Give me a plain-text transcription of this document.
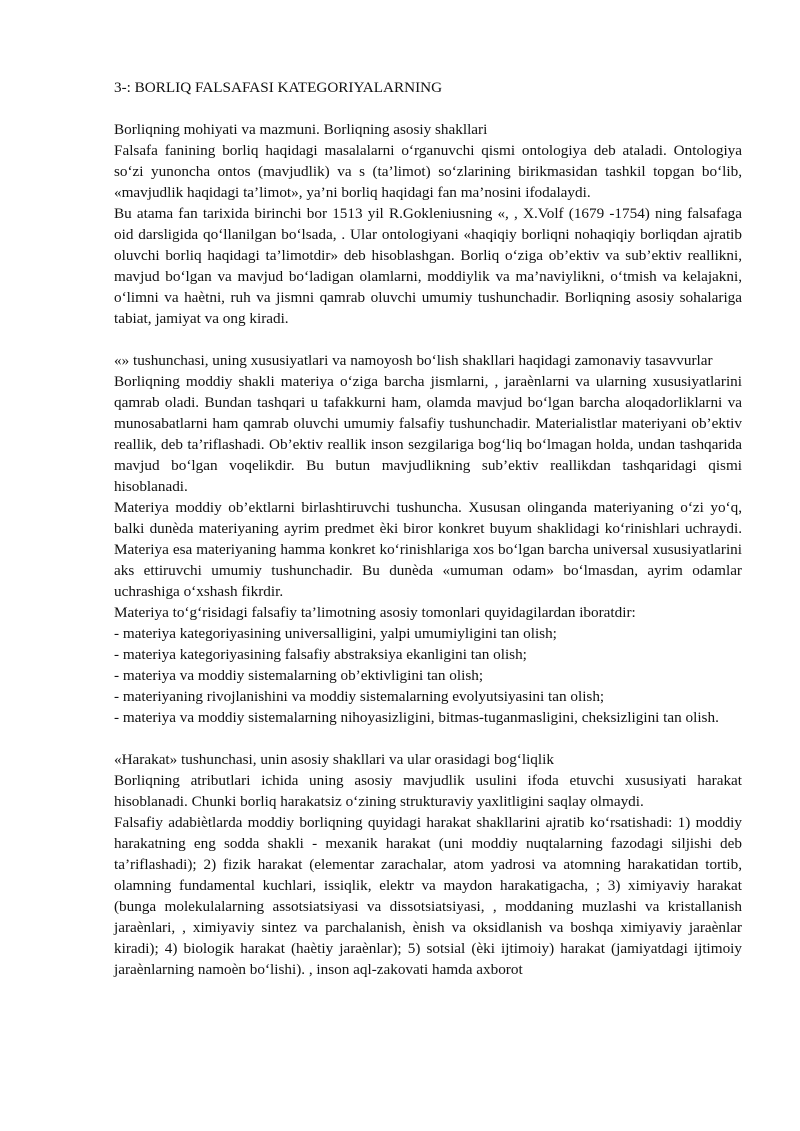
3-: BORLIQ FALSAFASI KATEGORIYALARNING

Borliqning mohiyati va mazmuni. Borliqning asosiy shakllari

Falsafa fanining borliq haqidagi masalalarni o‘rganuvchi qismi ontologiya deb ataladi. Ontologiya so‘zi yunoncha ontos (mavjudlik) va s (ta’limot) so‘zlarining birikmasidan tashkil topgan bo‘lib, «mavjudlik haqidagi ta’limot», ya’ni borliq haqidagi fan ma’nosini ifodalaydi.

Bu atama fan tarixida birinchi bor 1513 yil R.Gokleniusning «, , X.Volf (1679 -1754) ning falsafaga oid darsligida qo‘llanilgan bo‘lsada, . Ular ontologiyani «haqiqiy borliqni nohaqiqiy borliqdan ajratib oluvchi borliq haqidagi ta’limotdir» deb hisoblashgan. Borliq o‘ziga ob’ektiv va sub’ektiv reallikni, mavjud bo‘lgan va mavjud bo‘ladigan olamlarni, moddiylik va ma’naviylikni, o‘tmish va kelajakni, o‘limni va haètni, ruh va jismni qamrab oluvchi umumiy tushunchadir. Borliqning asosiy sohalariga tabiat, jamiyat va ong kiradi.

«» tushunchasi, uning xususiyatlari va namoyosh bo‘lish shakllari haqidagi zamonaviy tasavvurlar

Borliqning moddiy shakli materiya o‘ziga barcha jismlarni, , jaraènlarni va ularning xususiyatlarini qamrab oladi. Bundan tashqari u tafakkurni ham, olamda mavjud bo‘lgan barcha aloqadorliklarni va munosabatlarni ham qamrab oluvchi umumiy falsafiy tushunchadir. Materialistlar materiyani ob’ektiv reallik, deb ta’riflashadi. Ob’ektiv reallik inson sezgilariga bog‘liq bo‘lmagan holda, undan tashqarida mavjud bo‘lgan voqelikdir. Bu butun mavjudlikning sub’ektiv reallikdan tashqaridagi qismi hisoblanadi.

Materiya moddiy ob’ektlarni birlashtiruvchi tushuncha. Xususan olinganda materiyaning o‘zi yo‘q, balki dunèda materiyaning ayrim predmet èki biror konkret buyum shaklidagi ko‘rinishlari uchraydi. Materiya esa materiyaning hamma konkret ko‘rinishlariga xos bo‘lgan barcha universal xususiyatlarini aks ettiruvchi umumiy tushunchadir. Bu dunèda «umuman odam» bo‘lmasdan, ayrim odamlar uchrashiga o‘xshash fikrdir.

Materiya to‘g‘risidagi falsafiy ta’limotning asosiy tomonlari quyidagilardan iboratdir:

- materiya kategoriyasining universalligini, yalpi umumiyligini tan olish;

- materiya kategoriyasining falsafiy abstraksiya ekanligini tan olish;

- materiya va moddiy sistemalarning ob’ektivligini tan olish;

- materiyaning rivojlanishini va moddiy sistemalarning evolyutsiyasini tan olish;

- materiya va moddiy sistemalarning nihoyasizligini, bitmas-tuganmasligini, cheksizligini tan olish.

«Harakat» tushunchasi, unin asosiy shakllari va ular orasidagi bog‘liqlik

Borliqning atributlari ichida uning asosiy mavjudlik usulini ifoda etuvchi xususiyati harakat hisoblanadi. Chunki borliq harakatsiz o‘zining strukturaviy yaxlitligini saqlay olmaydi.

Falsafiy adabiètlarda moddiy borliqning quyidagi harakat shakllarini ajratib ko‘rsatishadi: 1) moddiy harakatning eng sodda shakli - mexanik harakat (uni moddiy nuqtalarning fazodagi siljishi deb ta’riflashadi); 2) fizik harakat (elementar zarachalar, atom yadrosi va atomning harakatidan tortib, olamning fundamental kuchlari, issiqlik, elektr va maydon harakatigacha, ; 3) ximiyaviy harakat (bunga molekulalarning assotsiatsiyasi va dissotsiatsiyasi, , moddaning muzlashi va kristallanish jaraènlari, , ximiyaviy sintez va parchalanish, ènish va oksidlanish va boshqa ximiyaviy jaraènlar kiradi); 4) biologik harakat (haètiy jaraènlar); 5) sotsial (èki ijtimoiy) harakat (jamiyatdagi ijtimoiy jaraènlarning namoèn bo‘lishi). , inson aql-zakovati hamda axborot
